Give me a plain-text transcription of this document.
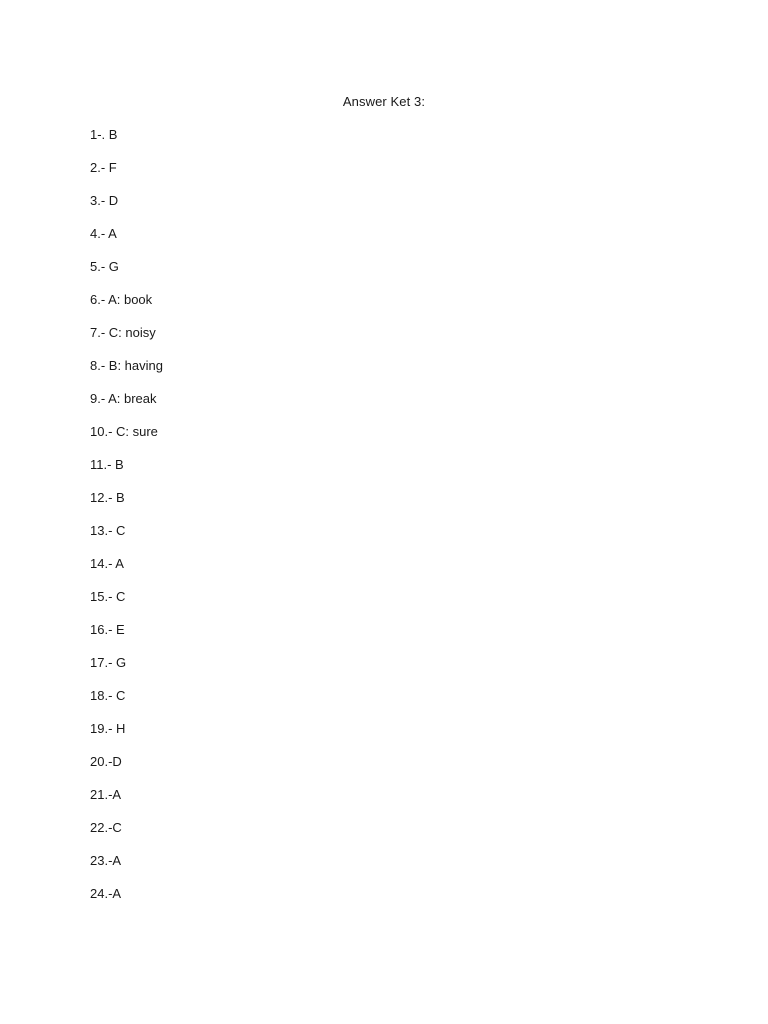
Answer Ket 3:
1-. B
2.- F
3.- D
4.- A
5.- G
6.- A: book
7.- C: noisy
8.- B: having
9.- A: break
10.- C: sure
11.- B
12.- B
13.- C
14.- A
15.- C
16.- E
17.- G
18.- C
19.- H
20.-D
21.-A
22.-C
23.-A
24.-A
